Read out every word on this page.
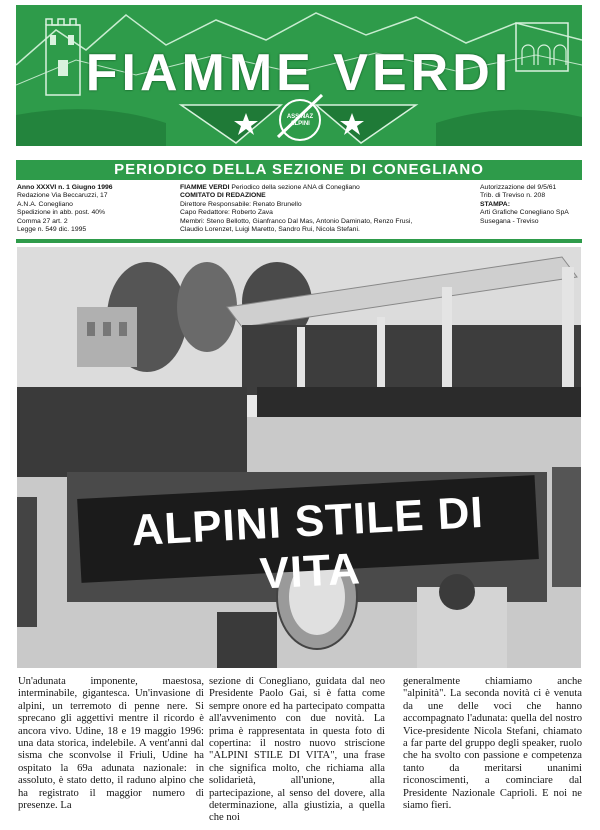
FIAMME VERDI
ASS NAZ ALPINI
PERIODICO DELLA SEZIONE DI CONEGLIANO
Anno XXXVI n. 1 Giugno 1996
Redazione Via Beccaruzzi, 17
A.N.A. Conegliano
Spedizione in abb. post. 40%
Comma 27 art. 2
Legge n. 549 dic. 1995
FIAMME VERDI Periodico della sezione ANA di Conegliano
COMITATO DI REDAZIONE
Direttore Responsabile: Renato Brunello
Capo Redattore: Roberto Zava
Membri: Steno Bellotto, Gianfranco Dal Mas, Antonio Daminato, Renzo Frusi,
Claudio Lorenzet, Luigi Maretto, Sandro Rui, Nicola Stefani.
Autorizzazione del 9/5/61
Trib. di Treviso n. 208
STAMPA:
Arti Grafiche Conegliano SpA
Susegana - Treviso
ALPINI STILE DI VITA

Un'adunata imponente, maestosa, interminabile, gigantesca. Un'invasione di alpini, un terremoto di penne nere. Si sprecano gli aggettivi mentre il ricordo è ancora vivo. Udine, 18 e 19 maggio 1996: una data storica, indelebile. A vent'anni dal sisma che sconvolse il Friuli, Udine ha ospitato la 69a adunata nazionale: in assoluto, è stato detto, il raduno alpino che ha registrato il maggior numero di presenze. La

sezione di Conegliano, guidata dal neo Presidente Paolo Gai, si è fatta come sempre onore ed ha partecipato compatta all'avvenimento con due novità. La prima è rappresentata in questa foto di copertina: il nostro nuovo striscione "ALPINI STILE DI VITA", una frase che significa molto, che richiama alla solidarietà, all'unione, alla partecipazione, al senso del dovere, alla determinazione, alla giustizia, a quella che noi

generalmente chiamiamo anche "alpinità". La seconda novità ci è venuta da une delle voci che hanno accompagnato l'adunata: quella del nostro Vice-presidente Nicola Stefani, chiamato a far parte del gruppo degli speaker, ruolo che ha svolto con passione e competenza tanto da meritarsi unanimi riconoscimenti, a cominciare dal Presidente Nazionale Caprioli. E noi ne siamo fieri.
